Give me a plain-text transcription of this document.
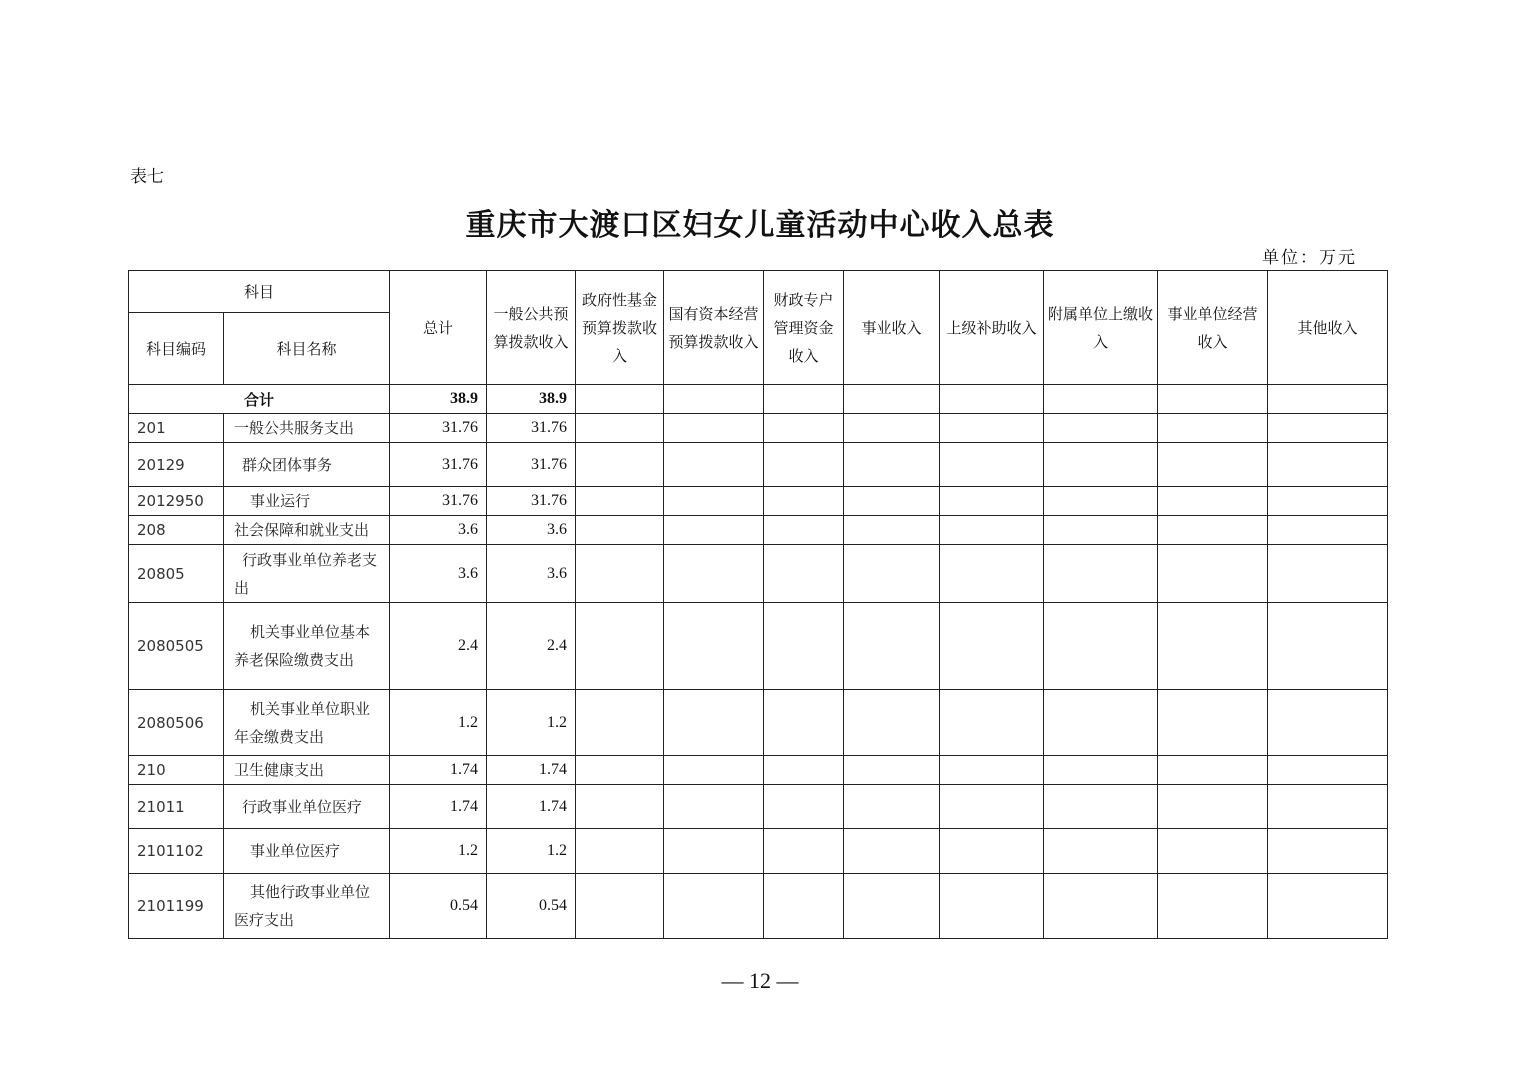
表七
重庆市大渡口区妇女儿童活动中心收入总表
单位：万元
科目		总计	一般公共预算拨款收入	政府性基金预算拨款收入	国有资本经营预算拨款收入	财政专户管理资金收入	事业收入	上级补助收入	附属单位上缴收入	事业单位经营收入	其他收入
科目编码	科目名称										
合计		38.9	38.9								
201	一般公共服务支出	31.76	31.76								
20129	群众团体事务	31.76	31.76								
2012950	事业运行	31.76	31.76								
208	社会保障和就业支出	3.6	3.6								
20805	行政事业单位养老支出	3.6	3.6								
2080505	机关事业单位基本养老保险缴费支出	2.4	2.4								
2080506	机关事业单位职业年金缴费支出	1.2	1.2								
210	卫生健康支出	1.74	1.74								
21011	行政事业单位医疗	1.74	1.74								
2101102	事业单位医疗	1.2	1.2								
2101199	其他行政事业单位医疗支出	0.54	0.54								
— 12 —
